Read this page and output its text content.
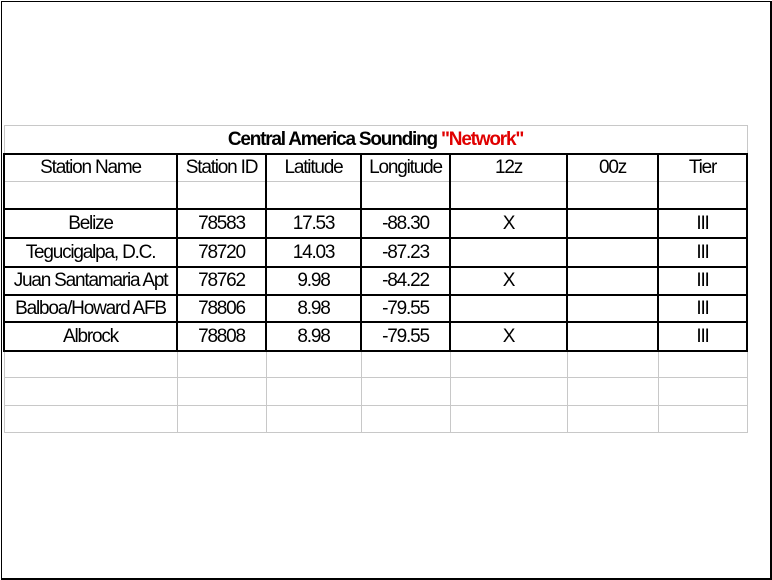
Central America Sounding "Network"						
Station Name	Station ID	Latitude	Longitude	12z	00z	Tier

Belize	78583	17.53	-88.30	X		III
Tegucigalpa, D.C.	78720	14.03	-87.23			III
Juan Santamaria Apt	78762	9.98	-84.22	X		III
Balboa/Howard AFB	78806	8.98	-79.55			III
Albrock	78808	8.98	-79.55	X		III
